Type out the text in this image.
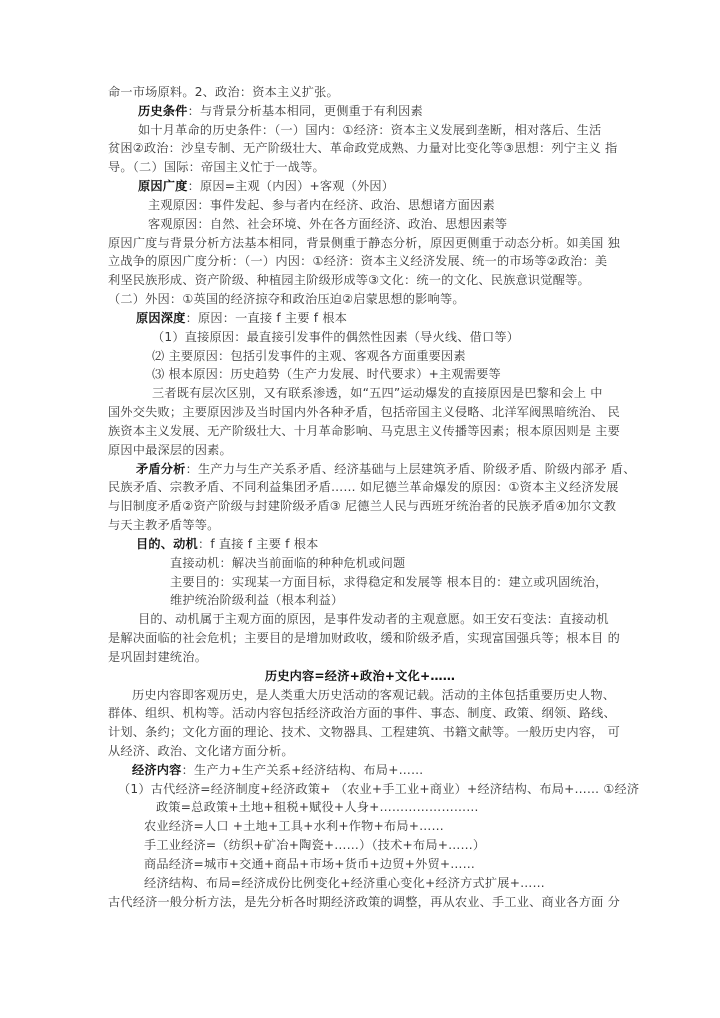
命一市场原料。2、政治：资本主义扩张。
历史条件：与背景分析基本相同，更侧重于有利因素
如十月革命的历史条件：（一）国内：①经济：资本主义发展到垄断，相对落后、生活
贫困②政治：沙皇专制、无产阶级壮大、革命政党成熟、力量对比变化等③思想：列宁主义 指
导。（二）国际：帝国主义忙于一战等。
原因广度：原因=主观（内因）+客观（外因）
主观原因：事件发起、参与者内在经济、政治、思想诸方面因素
客观原因：自然、社会环境、外在各方面经济、政治、思想因素等
原因广度与背景分析方法基本相同，背景侧重于静态分析，原因更侧重于动态分析。如美国 独
立战争的原因广度分析：（一）内因：①经济：资本主义经济发展、统一的市场等②政治：美
利坚民族形成、资产阶级、种植园主阶级形成等③文化：统一的文化、民族意识觉醒等。
（二）外因：①英国的经济掠夺和政治压迫②启蒙思想的影响等。
原因深度：原因：一直接 f 主要 f 根本
（1）直接原因：最直接引发事件的偶然性因素（导火线、借口等）
⑵ 主要原因：包括引发事件的主观、客观各方面重要因素
⑶ 根本原因：历史趋势（生产力发展、时代要求）+主观需要等
三者既有层次区别，又有联系渗透，如“五四”运动爆发的直接原因是巴黎和会上 中
国外交失败；主要原因涉及当时国内外各种矛盾，包括帝国主义侵略、北洋军阀黑暗统治、 民
族资本主义发展、无产阶级壮大、十月革命影响、马克思主义传播等因素；根本原因则是 主要
原因中最深层的因素。
矛盾分析：生产力与生产关系矛盾、经济基础与上层建筑矛盾、阶级矛盾、阶级内部矛 盾、
民族矛盾、宗教矛盾、不同利益集团矛盾…… 如尼德兰革命爆发的原因：①资本主义经济发展
与旧制度矛盾②资产阶级与封建阶级矛盾③ 尼德兰人民与西班牙统治者的民族矛盾④加尔文教
与天主教矛盾等等。
目的、动机：f 直接 f 主要 f 根本
直接动机：解决当前面临的种种危机或问题
主要目的：实现某一方面目标，求得稳定和发展等 根本目的：建立或巩固统治，
维护统治阶级利益（根本利益）
目的、动机属于主观方面的原因，是事件发动者的主观意愿。如王安石变法：直接动机
是解决面临的社会危机；主要目的是增加财政收，缓和阶级矛盾，实现富国强兵等；根本目 的
是巩固封建统治。
历史内容=经济+政治+文化+……
历史内容即客观历史，是人类重大历史活动的客观记载。活动的主体包括重要历史人物、
群体、组织、机构等。活动内容包括经济政治方面的事件、事态、制度、政策、纲领、路线、
计划、条约；文化方面的理论、技术、文物器具、工程建筑、书籍文献等。一般历史内容， 可
从经济、政治、文化诸方面分析。
经济内容：生产力+生产关系+经济结构、布局+……
（1）古代经济=经济制度+经济政策+ （农业+手工业+商业）+经济结构、布局+…… ①经济
政策=总政策+土地+租税+赋役+人身+……………………
农业经济=人口 +土地+工具+水利+作物+布局+……
手工业经济=（纺织+矿冶+陶瓷+……）（技术+布局+……）
商品经济=城市+交通+商品+市场+货币+边贸+外贸+……
经济结构、布局=经济成份比例变化+经济重心变化+经济方式扩展+……
古代经济一般分析方法，是先分析各时期经济政策的调整，再从农业、手工业、商业各方面 分
